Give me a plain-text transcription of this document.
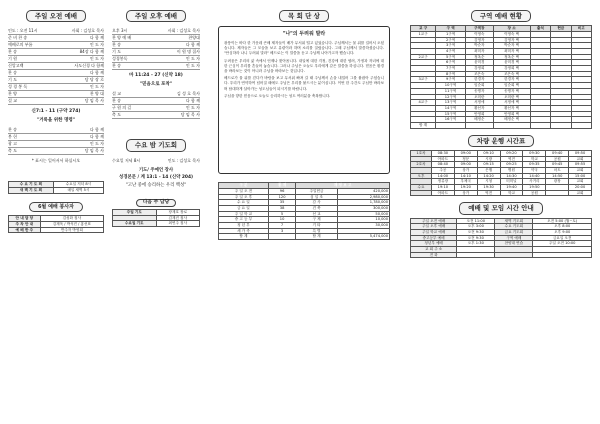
주일 오전 예배
인도 : 오전 11시	사회 : 김성호 목사
준 비 찬 송	다 함 께
예배로의 부름	인 도 자
찬 송	84장 다 함 께
기 원	인 도 자
신앙고백	사도신경 다 함께
찬 송	다 함 께
기 도	담 당 장 로
성 경 봉 독	인 도 자
찬 양	찬 양 대
설 교	담 임 목 사
신7:1 - 11 (구약 274)
"거룩을 위한 명령"
찬 송	다 함 께
봉 헌	다 함 께
광 고	인 도 자
축 도	담 임 목 사
* 표시는 일어서서 하십시오
수 요 기 도 회	수요일 저녁 8시
새 벽 기 도 회	매일 새벽 5시
6월 예배 봉사자
안 내 담 당	김성화 집사
주 차 안 내	김재욱 / 박석진 / 홍선표
예 배 반 주	반주자 박영희
주일 오후 예배
오후 3시	사회 : 김성호 목사
찬 양 예 배	찬양대
찬 송	다 함 께
기 도	이 원 명 집사
성경봉독	인 도 자
찬 송	인 도 자
마 11:24 - 27 (신약 18)
"믿음으로 포착"
설 교	김 성 호 목사
찬 송	다 함 께
구 원 의 길	인 도 자
축 도	담 임 목 사
수요 밤 기도회
수요일 저녁 8시	인도 : 김성호 목사
기도/ 주예언 장사
성경본문 / 계 13:1 - 14 (신약 204)
"고난 중에 승리하는 우리 백성"
다음 주 담당
주일 기도	장재호 장로
	김재진 집사
수요일 기도	최연주 집사
목 회 단 상
"나"의 두려워 말라

광풍이는 바다 한 가운데 큰배 제자들이 배가 무서워 떨고 있었습니다. 주님께서는 물 위를 걸어서 오셨습니다. 제자들은 그 모습을 보고 유령이라 하며 소리를 질렀습니다. 그때 주님께서 말씀하셨습니다. "안심하라 나니 두려워 말라" 베드로는 이 말씀을 듣고 주님께 나아가고자 했습니다.

두려움은 우리의 삶 속에서 언제나 찾아옵니다. 내일에 대한 걱정, 건강에 대한 염려, 가정과 자녀에 대한 근심이 우리를 흔들어 놓습니다. 그러나 주님은 오늘도 우리에게 같은 말씀을 하십니다. 믿음은 환경을 바라보는 것이 아니라 주님을 바라보는 것입니다.

베드로가 물 위를 걷다가 바람을 보고 무서워 빠져 갈 때 주님께서 손을 내밀어 그를 붙잡아 주셨습니다. 우리가 연약하여 넘어질 때에도 주님은 우리를 붙드시는 분이십니다. 이번 한 주간도 주님만 바라보며 담대하게 살아가는 성도님들이 되시기를 바랍니다.

주님을 향한 믿음으로 오늘도 승리하시는 성도 여러분을 축복합니다.

구 분	통 계	재 정 보 고	
주 일 오 전	96	주일헌금	420,000
주 일 오 후	120	십 일 조	2,980,000
수 요 일	35	감 사	1,780,000
금 요 일	38	건 축	300,000
주 일 학 교	5	선 교	50,000
중 고 등 부	10	구 제	10,000
청 년 부	7	기 타	30,000
새 가 족	3	특 별	
합 계		합 계	5,474,000
구역 예배 현황
교 구	구 역	구역장	장 소	출석	헌금	비고
1교구	1구역	이영숙	이영숙 댁			
	2구역	김영자	김영자 댁			
	3구역	박순자	박순자 댁			
	4구역	최미자	최미자 댁			
2교구	5구역	정옥순	정옥순 댁			
	6구역	윤미경	윤미경 댁			
	7구역	강정희	강정희 댁			
	8구역	조은숙	조은숙 댁			
3교구	9구역	한경자	한경자 댁			
	10구역	임순희	임순희 댁			
	11구역	송명자	송명자 댁			
	12구역	오미란	오미란 댁			
4교구	13구역	서정애	서정애 댁			
	14구역	황선자	황선자 댁			
	15구역	안영희	안영희 댁			
	16구역	배정순	배정순 댁			
합 계						
차량 운행 시간표
1호차	08:30	09:00	09:10	09:20	09:30	09:40	09:50
	아파트	정문	시장	역전	학교	공원	교회
2호차	08:40	09:00	09:15	09:25	09:35	09:45	09:55
	주공	상가	은행	병원	약국	마트	교회
오후	14:00	14:10	14:20	14:30	14:40	14:50	15:00
	정류장	우체국	시청	터미널	사거리	광장	교회
수요	19:10	19:20	19:30	19:40	19:50		20:00
	아파트	상가	역전	학교	공원		교회
예배 및 모임 시간 안내
주일 오전 예배	오전 11:00	새벽 기도회	오전 5:00 (월~토)
주일 오후 예배	오후 3:00	수요 기도회	오후 8:00
주일 학교 예배	오전 9:30	금요 기도회	오후 9:00
중고등부 예배	오전 9:30	구역 예배	금요일 오전
청년부 예배	오후 1:30	찬양대 연습	주일 오전 10:00
교 회 주 소			
전 화			
